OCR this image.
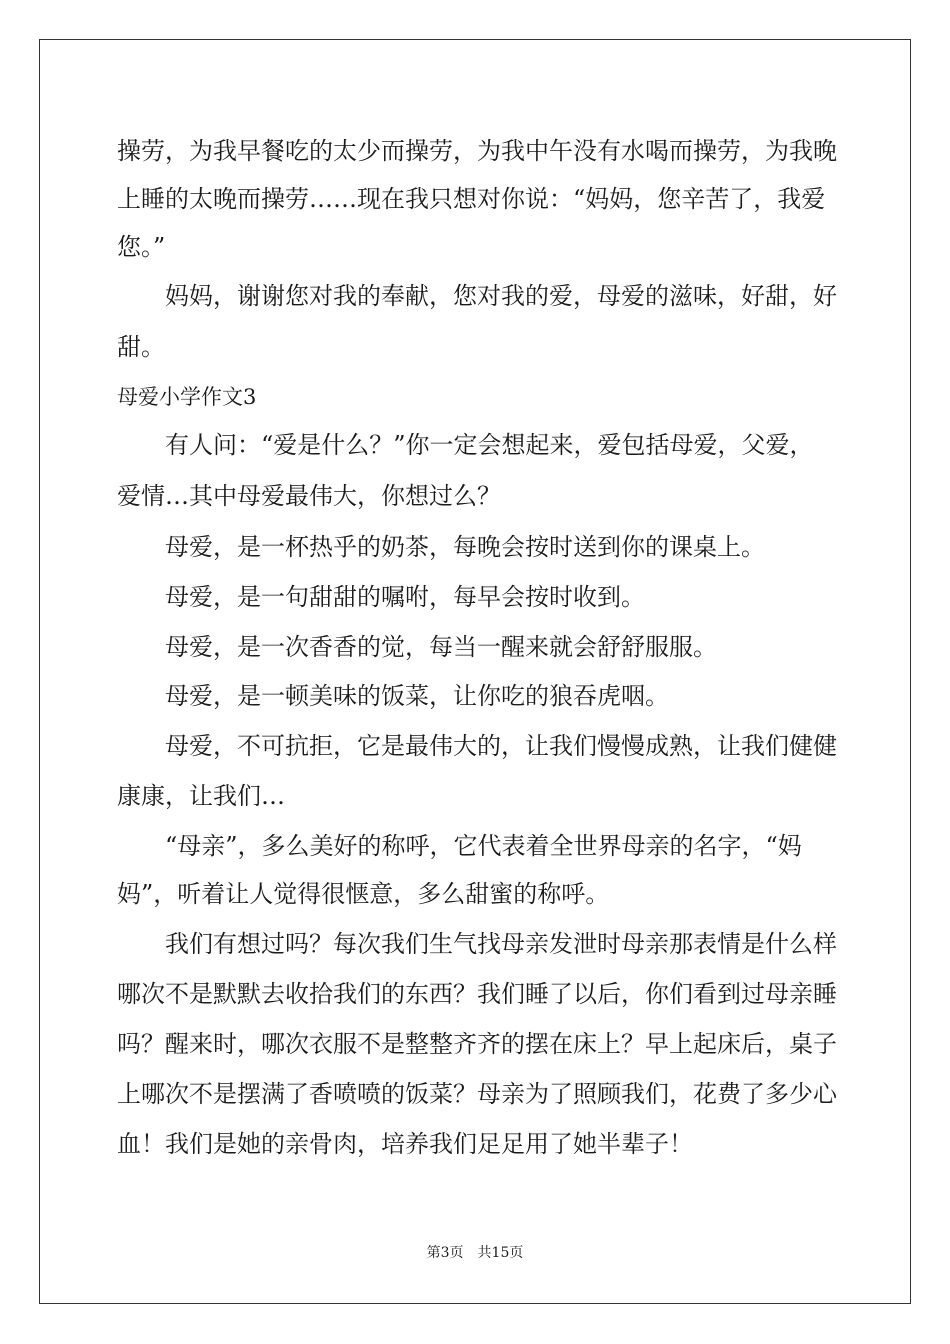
操劳，为我早餐吃的太少而操劳，为我中午没有水喝而操劳，为我晚
上睡的太晚而操劳……现在我只想对你说：“妈妈，您辛苦了，我爱
您。”
妈妈，谢谢您对我的奉献，您对我的爱，母爱的滋味，好甜，好
甜。
母爱小学作文3
有人问：“爱是什么？”你一定会想起来，爱包括母爱，父爱，
爱情…其中母爱最伟大，你想过么？
母爱，是一杯热乎的奶茶，每晚会按时送到你的课桌上。
母爱，是一句甜甜的嘱咐，每早会按时收到。
母爱，是一次香香的觉，每当一醒来就会舒舒服服。
母爱，是一顿美味的饭菜，让你吃的狼吞虎咽。
母爱，不可抗拒，它是最伟大的，让我们慢慢成熟，让我们健健
康康，让我们…
“母亲”，多么美好的称呼，它代表着全世界母亲的名字，“妈
妈”，听着让人觉得很惬意，多么甜蜜的称呼。
我们有想过吗？每次我们生气找母亲发泄时母亲那表情是什么样
哪次不是默默去收拾我们的东西？我们睡了以后，你们看到过母亲睡
吗？醒来时，哪次衣服不是整整齐齐的摆在床上？早上起床后，桌子
上哪次不是摆满了香喷喷的饭菜？母亲为了照顾我们，花费了多少心
血！我们是她的亲骨肉，培养我们足足用了她半辈子！
第3页 共15页
